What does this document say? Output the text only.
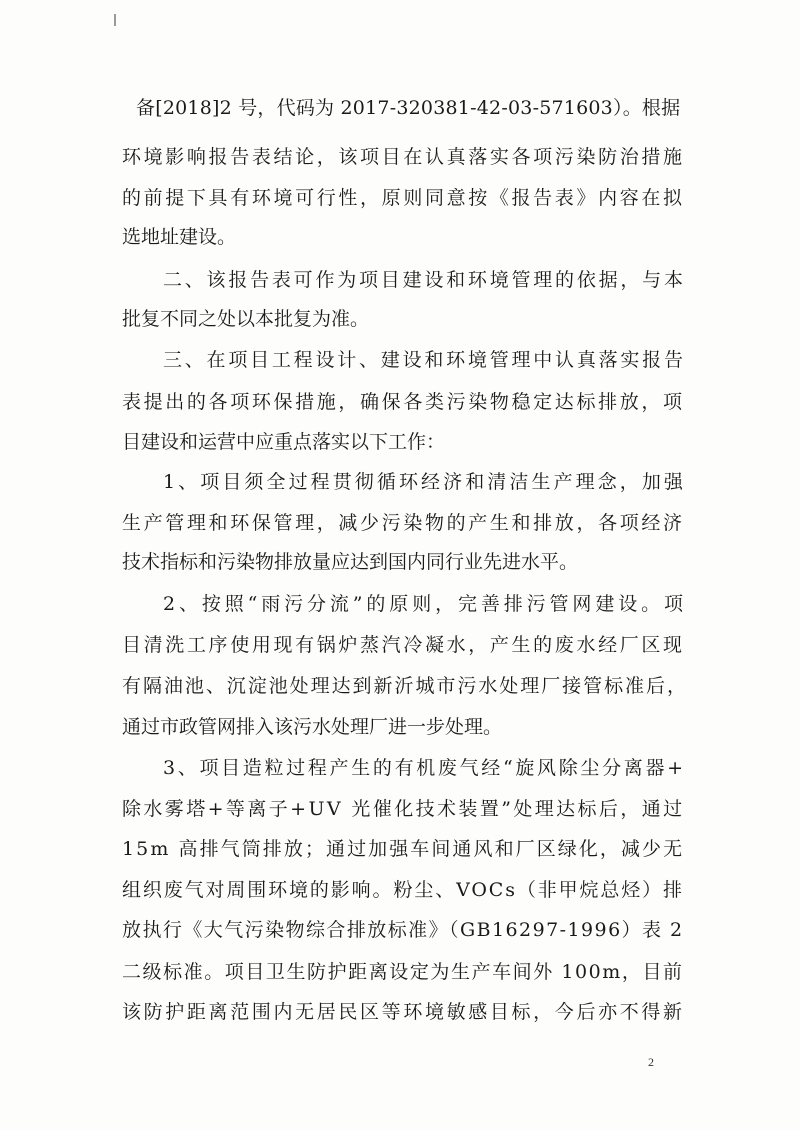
备[2018]2 号，代码为 2017-320381-42-03-571603）。根据
环境影响报告表结论，该项目在认真落实各项污染防治措施
的前提下具有环境可行性，原则同意按《报告表》内容在拟
选地址建设。
二、该报告表可作为项目建设和环境管理的依据，与本
批复不同之处以本批复为准。
三、在项目工程设计、建设和环境管理中认真落实报告
表提出的各项环保措施，确保各类污染物稳定达标排放，项
目建设和运营中应重点落实以下工作：
1、项目须全过程贯彻循环经济和清洁生产理念，加强
生产管理和环保管理，减少污染物的产生和排放，各项经济
技术指标和污染物排放量应达到国内同行业先进水平。
2、按照“雨污分流”的原则，完善排污管网建设。项
目清洗工序使用现有锅炉蒸汽冷凝水，产生的废水经厂区现
有隔油池、沉淀池处理达到新沂城市污水处理厂接管标准后，
通过市政管网排入该污水处理厂进一步处理。
3、项目造粒过程产生的有机废气经“旋风除尘分离器+
除水雾塔+等离子+UV 光催化技术装置”处理达标后，通过
15m 高排气筒排放；通过加强车间通风和厂区绿化，减少无
组织废气对周围环境的影响。粉尘、VOCs（非甲烷总烃）排
放执行《大气污染物综合排放标准》（GB16297-1996）表 2
二级标准。项目卫生防护距离设定为生产车间外 100m，目前
该防护距离范围内无居民区等环境敏感目标，今后亦不得新
2
